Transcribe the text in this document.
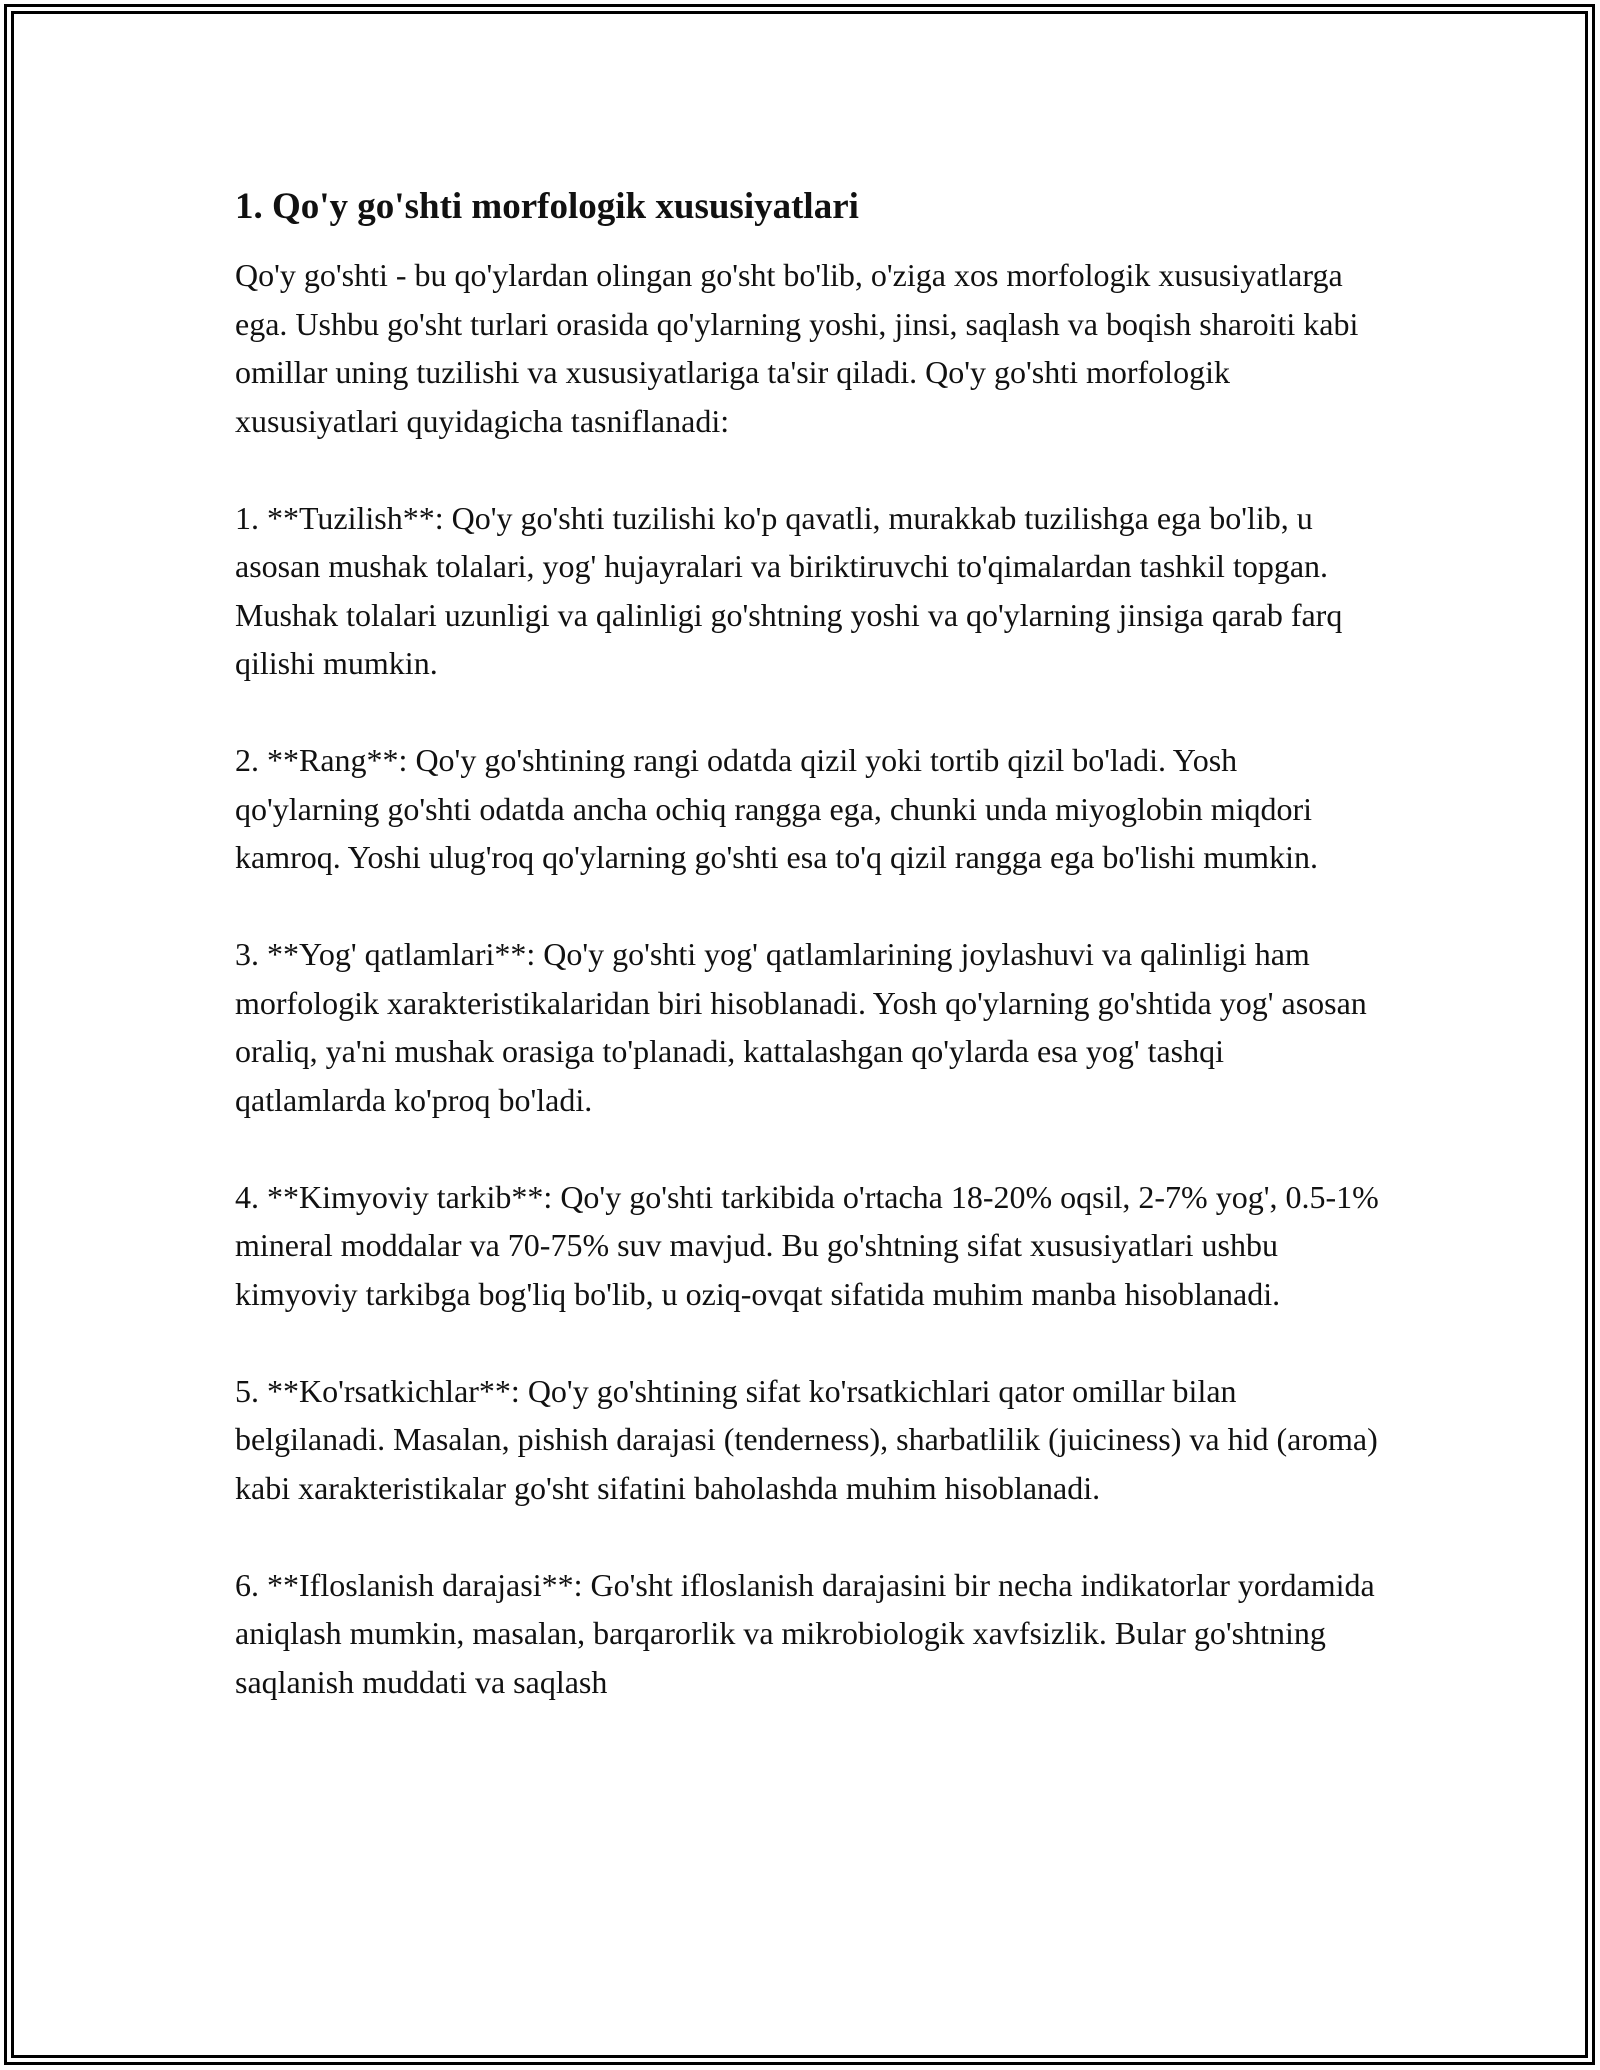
1. Qo'y go'shti morfologik xususiyatlari

Qo'y go'shti - bu qo'ylardan olingan go'sht bo'lib, o'ziga xos morfologik xususiyatlarga ega. Ushbu go'sht turlari orasida qo'ylarning yoshi, jinsi, saqlash va boqish sharoiti kabi omillar uning tuzilishi va xususiyatlariga ta'sir qiladi. Qo'y go'shti morfologik xususiyatlari quyidagicha tasniflanadi:

1. **Tuzilish**: Qo'y go'shti tuzilishi ko'p qavatli, murakkab tuzilishga ega bo'lib, u asosan mushak tolalari, yog' hujayralari va biriktiruvchi to'qimalardan tashkil topgan. Mushak tolalari uzunligi va qalinligi go'shtning yoshi va qo'ylarning jinsiga qarab farq qilishi mumkin.

2. **Rang**: Qo'y go'shtining rangi odatda qizil yoki tortib qizil bo'ladi. Yosh qo'ylarning go'shti odatda ancha ochiq rangga ega, chunki unda miyoglobin miqdori kamroq. Yoshi ulug'roq qo'ylarning go'shti esa to'q qizil rangga ega bo'lishi mumkin.

3. **Yog' qatlamlari**: Qo'y go'shti yog' qatlamlarining joylashuvi va qalinligi ham morfologik xarakteristikalaridan biri hisoblanadi. Yosh qo'ylarning go'shtida yog' asosan oraliq, ya'ni mushak orasiga to'planadi, kattalashgan qo'ylarda esa yog' tashqi qatlamlarda ko'proq bo'ladi.

4. **Kimyoviy tarkib**: Qo'y go'shti tarkibida o'rtacha 18-20% oqsil, 2-7% yog', 0.5-1% mineral moddalar va 70-75% suv mavjud. Bu go'shtning sifat xususiyatlari ushbu kimyoviy tarkibga bog'liq bo'lib, u oziq-ovqat sifatida muhim manba hisoblanadi.

5. **Ko'rsatkichlar**: Qo'y go'shtining sifat ko'rsatkichlari qator omillar bilan belgilanadi. Masalan, pishish darajasi (tenderness), sharbatlilik (juiciness) va hid (aroma) kabi xarakteristikalar go'sht sifatini baholashda muhim hisoblanadi.

6. **Ifloslanish darajasi**: Go'sht ifloslanish darajasini bir necha indikatorlar yordamida aniqlash mumkin, masalan, barqarorlik va mikrobiologik xavfsizlik. Bular go'shtning saqlanish muddati va saqlash
